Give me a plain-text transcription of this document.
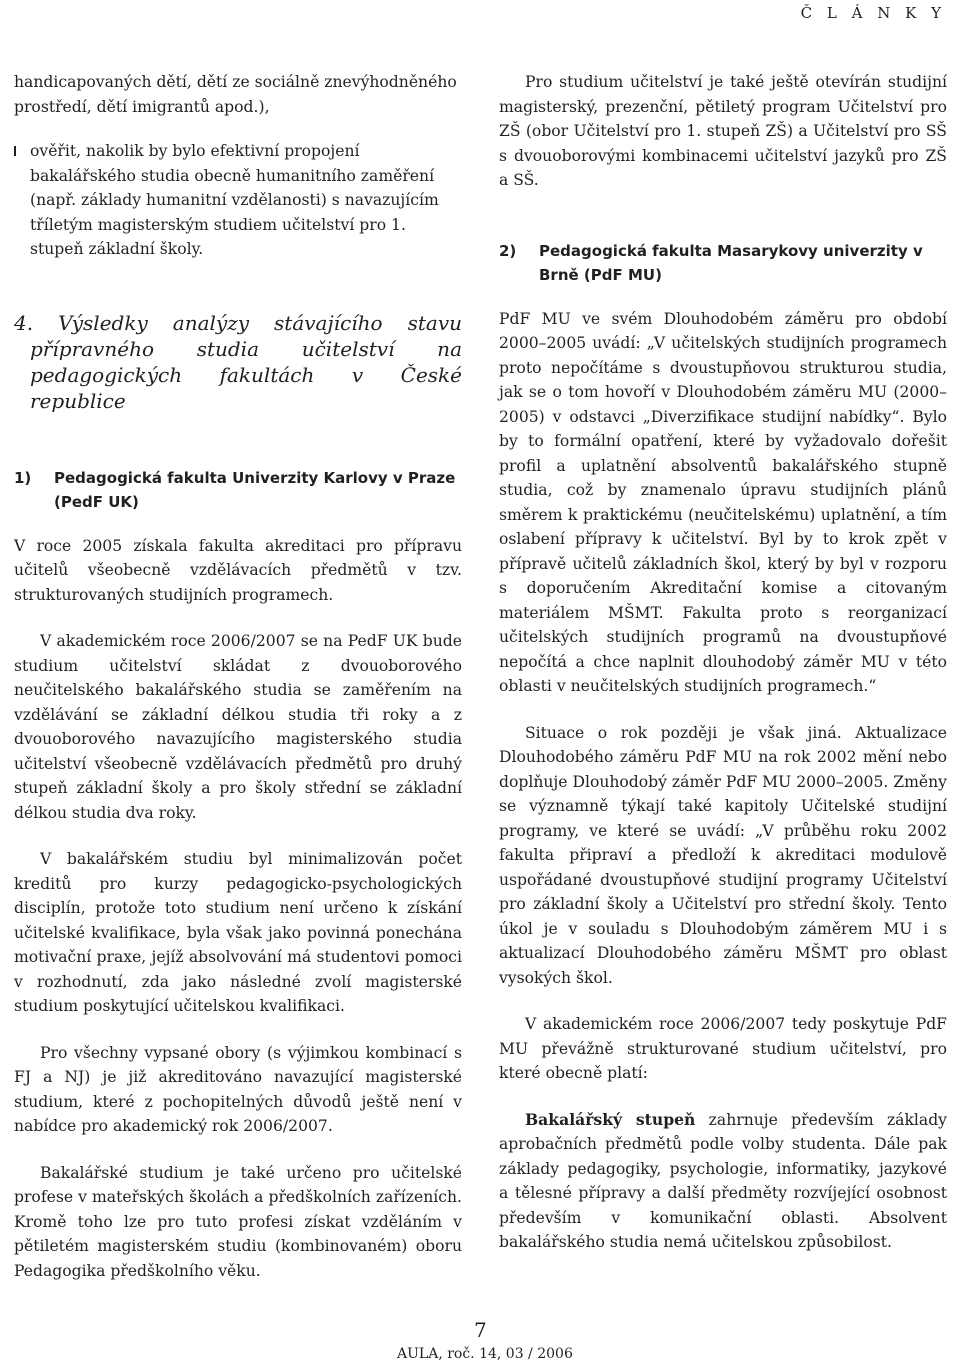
Č L Á N K Y

handicapovaných dětí, dětí ze sociálně znevýhodněného prostředí, dětí imigrantů apod.),

ověřit, nakolik by bylo efektivní propojení bakalářského studia obecně humanitního zaměření (např. základy humanitní vzdělanosti) s navazujícím tříletým magisterským studiem učitelství pro 1. stupeň základní školy.

4. Výsledky analýzy stávajícího stavu přípravného studia učitelství na pedagogických fakultách v České republice

1)	Pedagogická fakulta Univerzity Karlovy v Praze (PedF UK)

V roce 2005 získala fakulta akreditaci pro přípravu učitelů všeobecně vzdělávacích předmětů v tzv. strukturovaných studijních programech.

V akademickém roce 2006/2007 se na PedF UK bude studium učitelství skládat z dvouoborového neučitelského bakalářského studia se zaměřením na vzdělávání se základní délkou studia tři roky a z dvouoborového navazujícího magisterského studia učitelství všeobecně vzdělávacích předmětů pro druhý stupeň základní školy a pro školy střední se základní délkou studia dva roky.

V bakalářském studiu byl minimalizován počet kreditů pro kurzy pedagogicko-psychologických disciplín, protože toto studium není určeno k získání učitelské kvalifikace, byla však jako povinná ponechána motivační praxe, jejíž absolvování má studentovi pomoci v rozhodnutí, zda jako následné zvolí magisterské studium poskytující učitelskou kvalifikaci.

Pro všechny vypsané obory (s výjimkou kombinací s FJ a NJ) je již akreditováno navazující magisterské studium, které z pochopitelných důvodů ještě není v nabídce pro akademický rok 2006/2007.

Bakalářské studium je také určeno pro učitelské profese v mateřských školách a předškolních zařízeních. Kromě toho lze pro tuto profesi získat vzděláním v pětiletém magisterském studiu (kombinovaném) oboru Pedagogika předškolního věku.

Pro studium učitelství je také ještě otevírán studijní magisterský, prezenční, pětiletý program Učitelství pro ZŠ (obor Učitelství pro 1. stupeň ZŠ) a Učitelství pro SŠ s dvouoborovými kombinacemi učitelství jazyků pro ZŠ a SŠ.

2)	Pedagogická fakulta Masarykovy univerzity v Brně (PdF MU)

PdF MU ve svém Dlouhodobém záměru pro období 2000–2005 uvádí: „V učitelských studijních programech proto nepočítáme s dvoustupňovou strukturou studia, jak se o tom hovoří v Dlouhodobém záměru MU (2000–2005) v odstavci „Diverzifikace studijní nabídky“. Bylo by to formální opatření, které by vyžadovalo dořešit profil a uplatnění absolventů bakalářského stupně studia, což by znamenalo úpravu studijních plánů směrem k praktickému (neučitelskému) uplatnění, a tím oslabení přípravy k učitelství. Byl by to krok zpět v přípravě učitelů základních škol, který by byl v rozporu s doporučením Akreditační komise a citovaným materiálem MŠMT. Fakulta proto s reorganizací učitelských studijních programů na dvoustupňové nepočítá a chce naplnit dlouhodobý záměr MU v této oblasti v neučitelských studijních programech.“

Situace o rok později je však jiná. Aktualizace Dlouhodobého záměru PdF MU na rok 2002 mění nebo doplňuje Dlouhodobý záměr PdF MU 2000–2005. Změny se významně týkají také kapitoly Učitelské studijní programy, ve které se uvádí: „V průběhu roku 2002 fakulta připraví a předloží k akreditaci modulově uspořádané dvoustupňové studijní programy Učitelství pro základní školy a Učitelství pro střední školy. Tento úkol je v souladu s Dlouhodobým záměrem MU i s aktualizací Dlouhodobého záměru MŠMT pro oblast vysokých škol.

V akademickém roce 2006/2007 tedy poskytuje PdF MU převážně strukturované studium učitelství, pro které obecně platí:

Bakalářský stupeň zahrnuje především základy aprobačních předmětů podle volby studenta. Dále pak základy pedagogiky, psychologie, informatiky, jazykové a tělesné přípravy a další předměty rozvíjející osobnost především v komunikační oblasti. Absolvent bakalářského studia nemá učitelskou způsobilost.

7
AULA, roč. 14, 03 / 2006
